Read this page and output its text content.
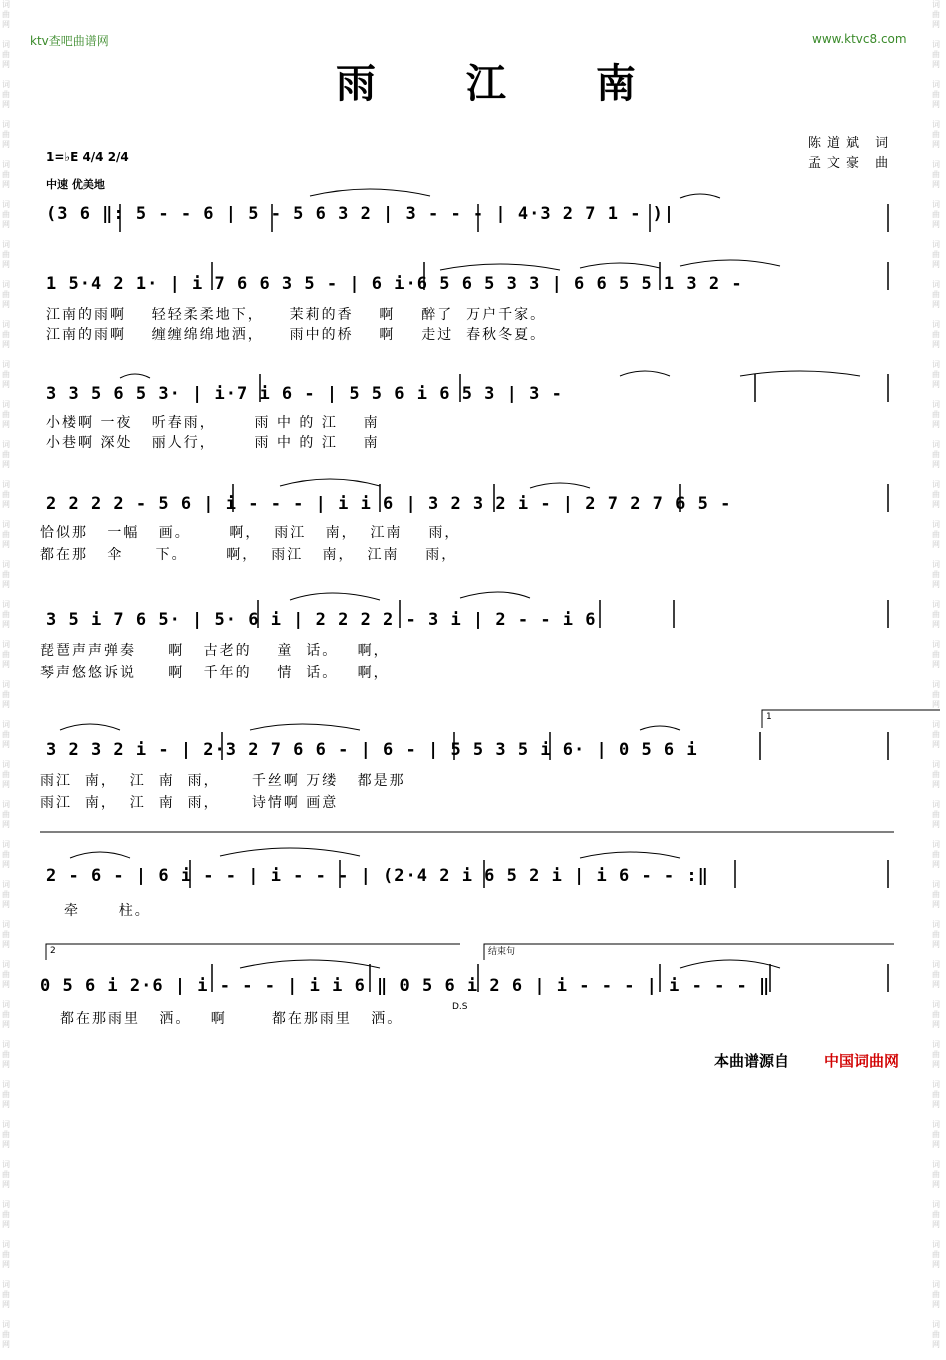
词
曲
网

词
曲
网

词
曲
网

词
曲
网

词
曲
网

词
曲
网

词
曲
网

词
曲
网

词
曲
网

词
曲
网

词
曲
网

词
曲
网

词
曲
网

词
曲
网

词
曲
网

词
曲
网

词
曲
网

词
曲
网

词
曲
网

词
曲
网

词
曲
网

词
曲
网

词
曲
网

词
曲
网

词
曲
网

词
曲
网

词
曲
网

词
曲
网

词
曲
网

词
曲
网

词
曲
网

词
曲
网

词
曲
网

词
曲
网

词
曲
网

词
曲
网

词
曲
网

词
曲
网

词
曲
网

词
曲
网

词
曲
网

词
曲
网

词
曲
网

词
曲
网

词
曲
网

词
曲
网

词
曲
网

词
曲
网

词
曲
网

词
曲
网

词
曲
网

词
曲
网

词
曲
网

词
曲
网

词
曲
网

词
曲
网

词
曲
网

词
曲
网

词
曲
网

词
曲
网

词
曲
网

词
曲
网

词
曲
网

词
曲
网

词
曲
网

词
曲
网

词
曲
网

词
曲
网

ktv查吧曲谱网	www.ktvc8.com
雨 江 南
陈道斌 词
孟文豪 曲
1=♭E 4/4 2/4
中速 优美地
(3 6 ‖: 5 - - 6 | 5 - 5 6 3 2 | 3 - - - | 4·3 2 7 1 - )|
1 5·4 2 1· | i 7 6 6 3 5 - | 6 i·6 5 6 5 3 3 | 6 6 5 5 1 3 2 -
江南的雨啊    轻轻柔柔地下，    茉莉的香    啊    醉了  万户千家。
江南的雨啊    缠缠绵绵地洒，    雨中的桥    啊    走过  春秋冬夏。
3 3 5 6 5 3· | i·7 i 6 - | 5 5 6 i 6 5 3 | 3 -
小楼啊 一夜   听春雨，      雨 中 的 江    南
小巷啊 深处   丽人行，      雨 中 的 江    南
2 2 2 2 - 5 6 | i - - - | i i 6 | 3 2 3 2 i - | 2 7 2 7 6 5 -
恰似那   一幅   画。      啊，  雨江   南，  江南    雨，
都在那   伞     下。      啊，  雨江   南，  江南    雨，
3 5 i 7 6 5· | 5· 6 i | 2 2 2 2 - 3 i | 2 - - i 6
琵琶声声弹奏     啊   古老的    童  话。   啊，
琴声悠悠诉说     啊   千年的    情  话。   啊，
3 2 3 2 i - | 2·3 2 7 6 6 - | 6 - | 5 5 3 5 i 6· | 0 5 6 i
雨江  南，  江  南  雨，     千丝啊 万缕   都是那
雨江  南，  江  南  雨，     诗情啊 画意
2 - 6 - | 6 i - - | i - - - | (2·4 2 i 6 5 2 i | i 6 - - :‖
牵      柱。
0 5 6 i 2·6 | i - - - | i i 6 ‖ 0 5 6 i 2 6 | i - - - | i - - - ‖
都在那雨里   洒。   啊       都在那雨里   洒。
1
2	结束句
D.S
本曲谱源自 中国词曲网
